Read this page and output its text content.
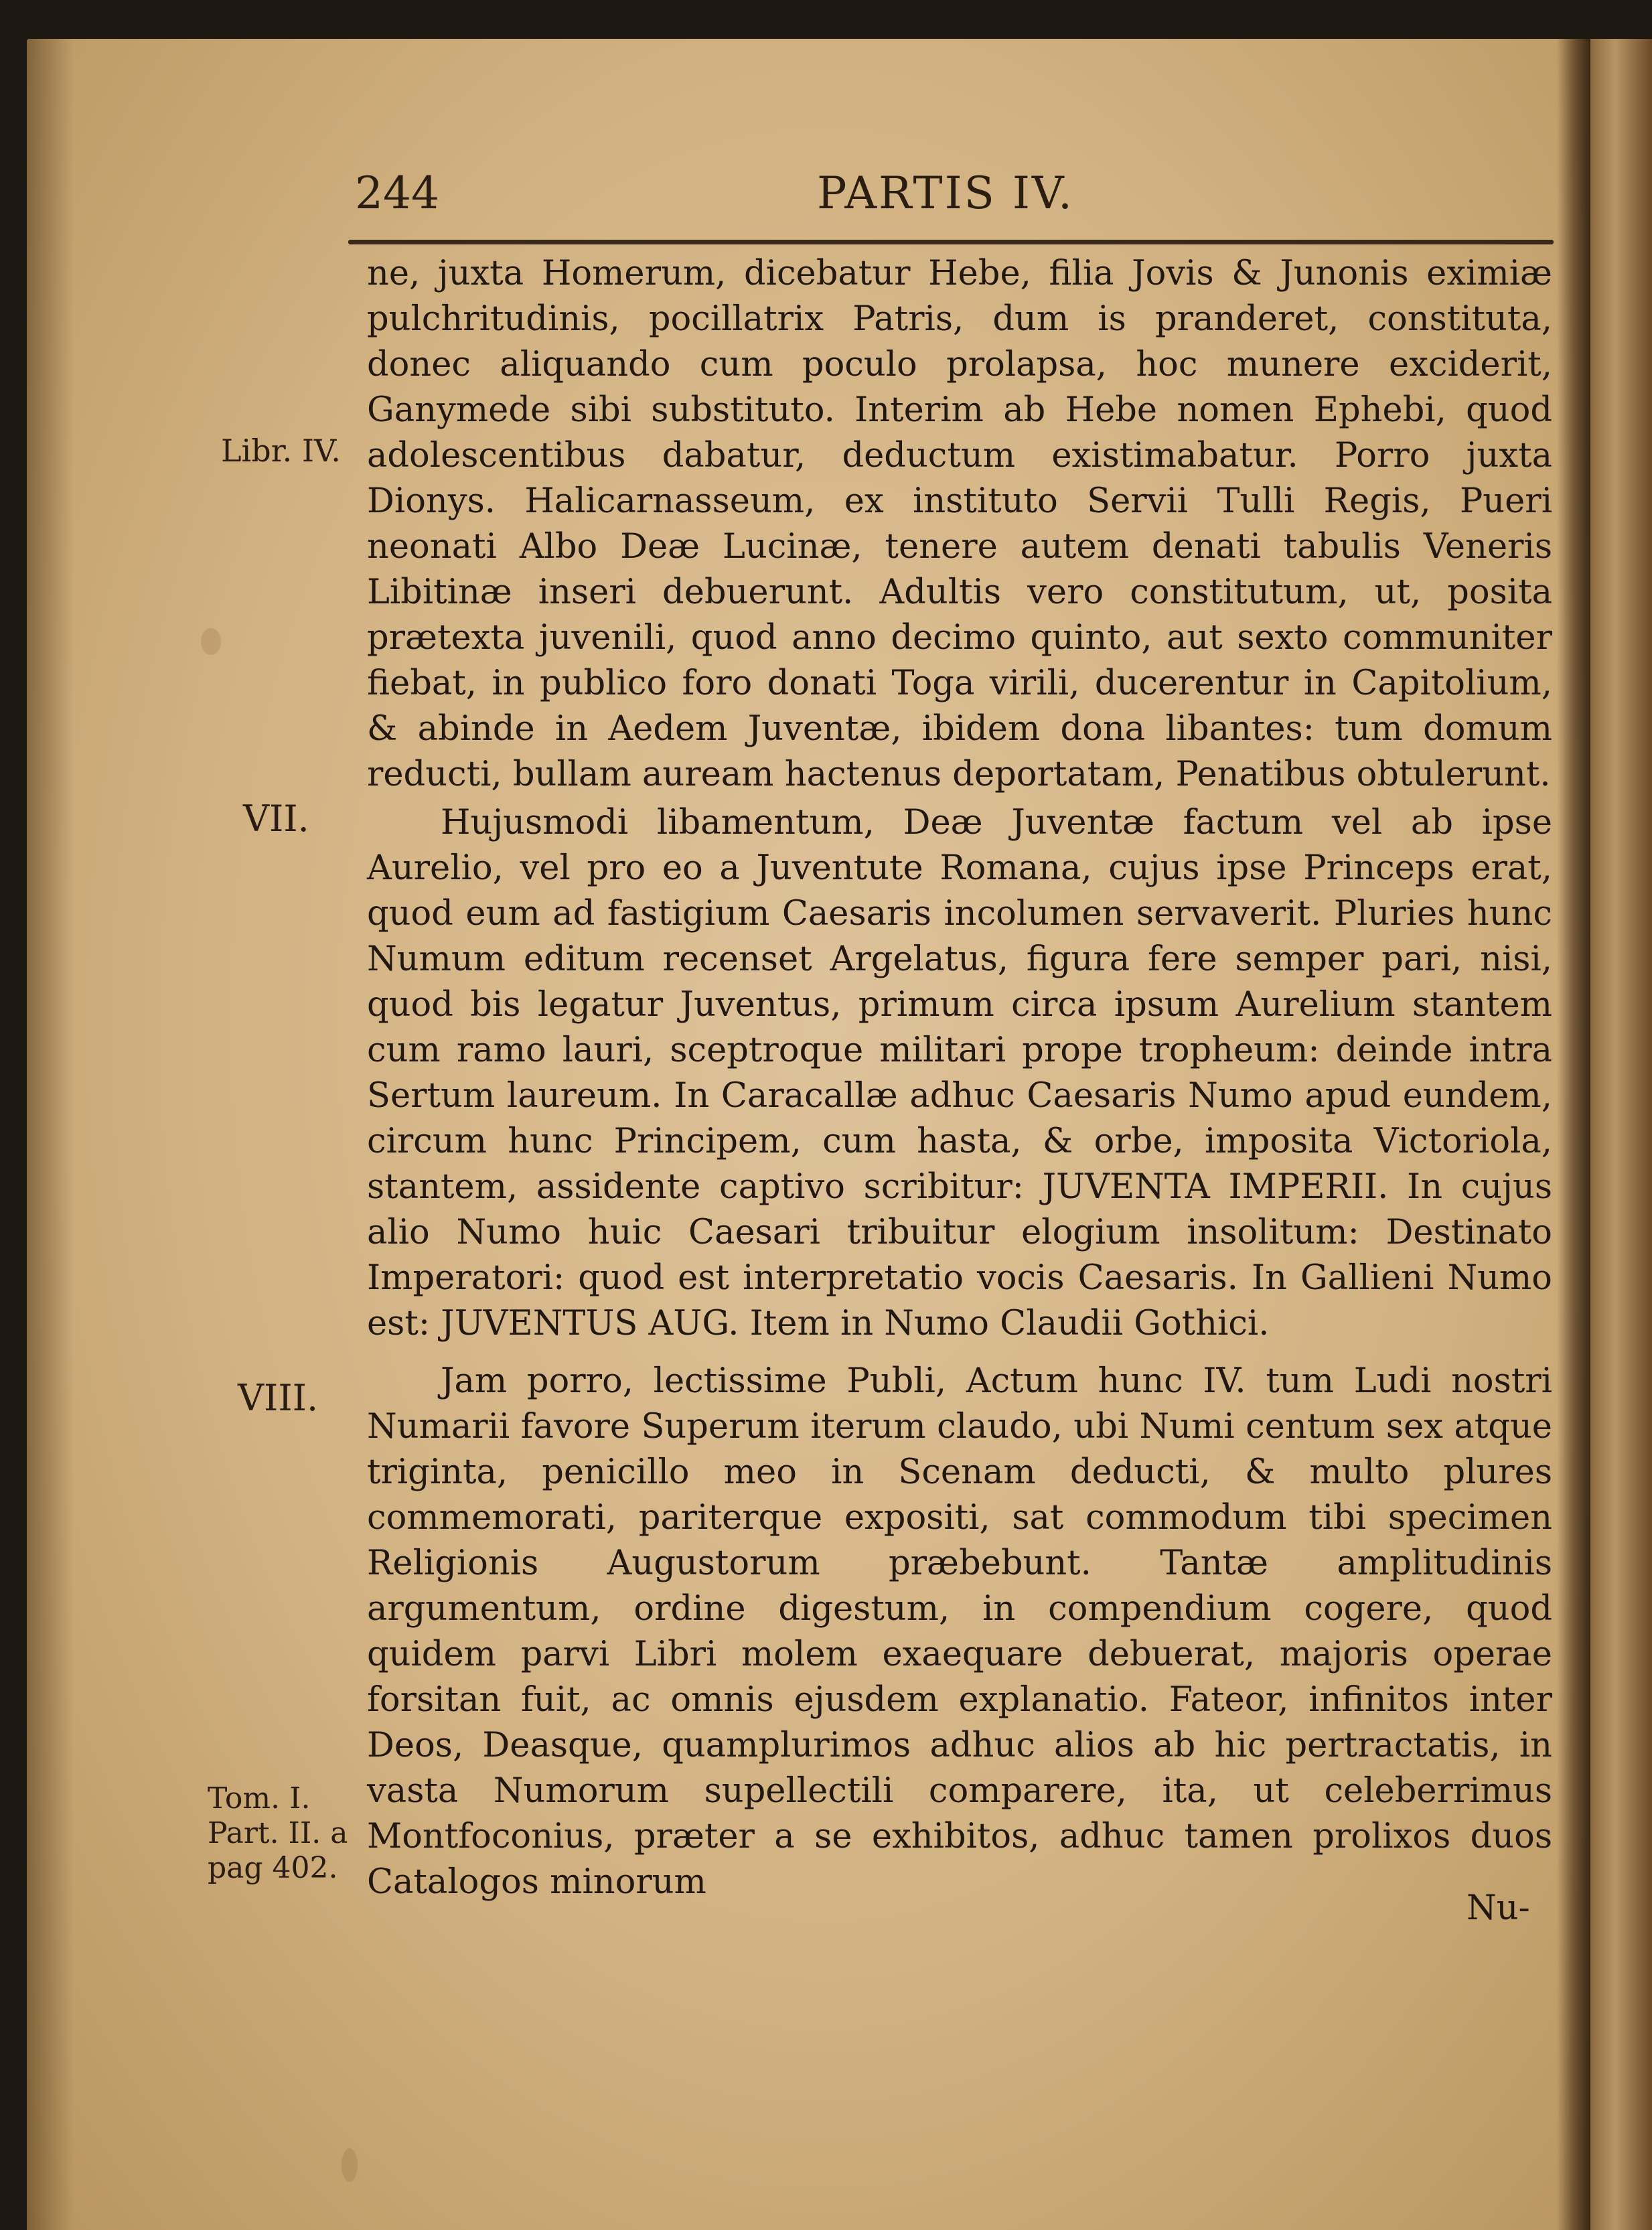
244	PARTIS IV.
Libr. IV.
VII.
VIII.
Tom. I.
Part. II. a
pag 402.

ne, juxta Homerum, dicebatur Hebe, filia Jovis & Junonis eximiæ pulchritudinis, pocillatrix Patris, dum is pranderet, constituta, donec aliquando cum poculo prolapsa, hoc munere exciderit, Ganymede sibi substituto. Interim ab Hebe nomen Ephebi, quod adolescentibus dabatur, deductum existimabatur. Porro juxta Dionys. Halicarnasseum, ex instituto Servii Tulli Regis, Pueri neonati Albo Deæ Lucinæ, tenere autem denati tabulis Veneris Libitinæ inseri debuerunt. Adultis vero constitutum, ut, posita prætexta juvenili, quod anno decimo quinto, aut sexto communiter fiebat, in publico foro donati Toga virili, ducerentur in Capitolium, & abinde in Aedem Juventæ, ibidem dona libantes: tum domum reducti, bullam auream hactenus deportatam, Penatibus obtulerunt.

Hujusmodi libamentum, Deæ Juventæ factum vel ab ipse Aurelio, vel pro eo a Juventute Romana, cujus ipse Princeps erat, quod eum ad fastigium Caesaris incolumen servaverit. Pluries hunc Numum editum recenset Argelatus, figura fere semper pari, nisi, quod bis legatur Juventus, primum circa ipsum Aurelium stantem cum ramo lauri, sceptroque militari prope tropheum: deinde intra Sertum laureum. In Caracallæ adhuc Caesaris Numo apud eundem, circum hunc Principem, cum hasta, & orbe, imposita Victoriola, stantem, assidente captivo scribitur: JUVENTA IMPERII. In cujus alio Numo huic Caesari tribuitur elogium insolitum: Destinato Imperatori: quod est interpretatio vocis Caesaris. In Gallieni Numo est: JUVENTUS AUG. Item in Numo Claudii Gothici.

Jam porro, lectissime Publi, Actum hunc IV. tum Ludi nostri Numarii favore Superum iterum claudo, ubi Numi centum sex atque triginta, penicillo meo in Scenam deducti, & multo plures commemorati, pariterque expositi, sat commodum tibi specimen Religionis Augustorum præbebunt. Tantæ amplitudinis argumentum, ordine digestum, in compendium cogere, quod quidem parvi Libri molem exaequare debuerat, majoris operae forsitan fuit, ac omnis ejusdem explanatio. Fateor, infinitos inter Deos, Deasque, quamplurimos adhuc alios ab hic pertractatis, in vasta Numorum supellectili comparere, ita, ut celeberrimus Montfoconius, præter a se exhibitos, adhuc tamen prolixos duos Catalogos minorum

Nu-
